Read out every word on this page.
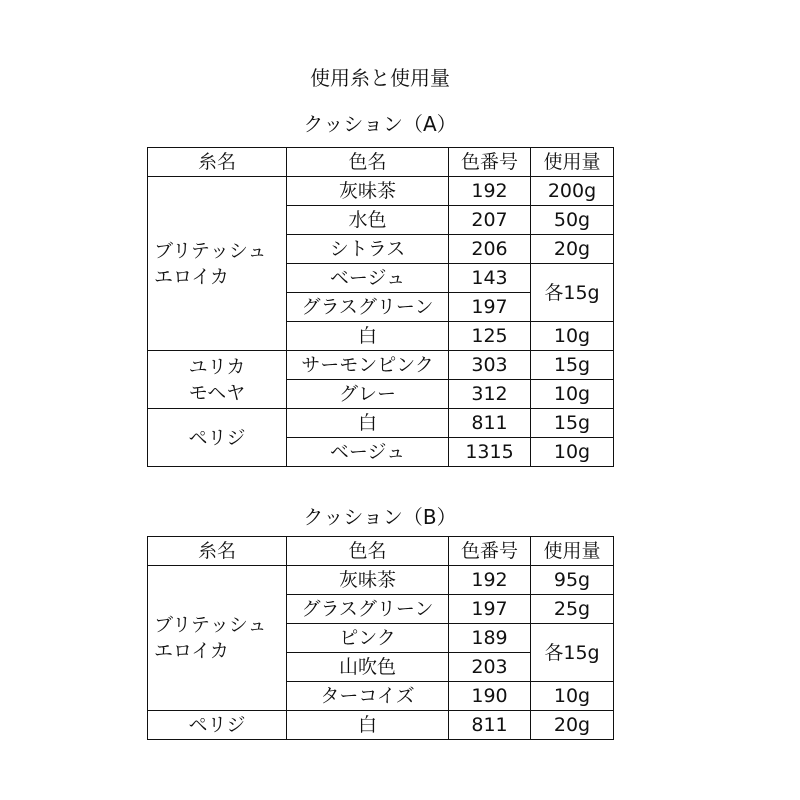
使用糸と使用量
クッション（A）
糸名	色名	色番号	使用量

ブリテッシュ
エロイカ	灰味茶	192	200g
	水色	207	50g
	シトラス	206	20g
	ベージュ	143	各15g
	グラスグリーン	197	
	白	125	10g

ユリカ
モヘヤ	サーモンピンク	303	15g
	グレー	312	10g

ペリジ	白	811	15g
	ベージュ	1315	10g
クッション（B）
糸名	色名	色番号	使用量

ブリテッシュ
エロイカ	灰味茶	192	95g
	グラスグリーン	197	25g
	ピンク	189	各15g
	山吹色	203	
	ターコイズ	190	10g

ペリジ	白	811	20g
